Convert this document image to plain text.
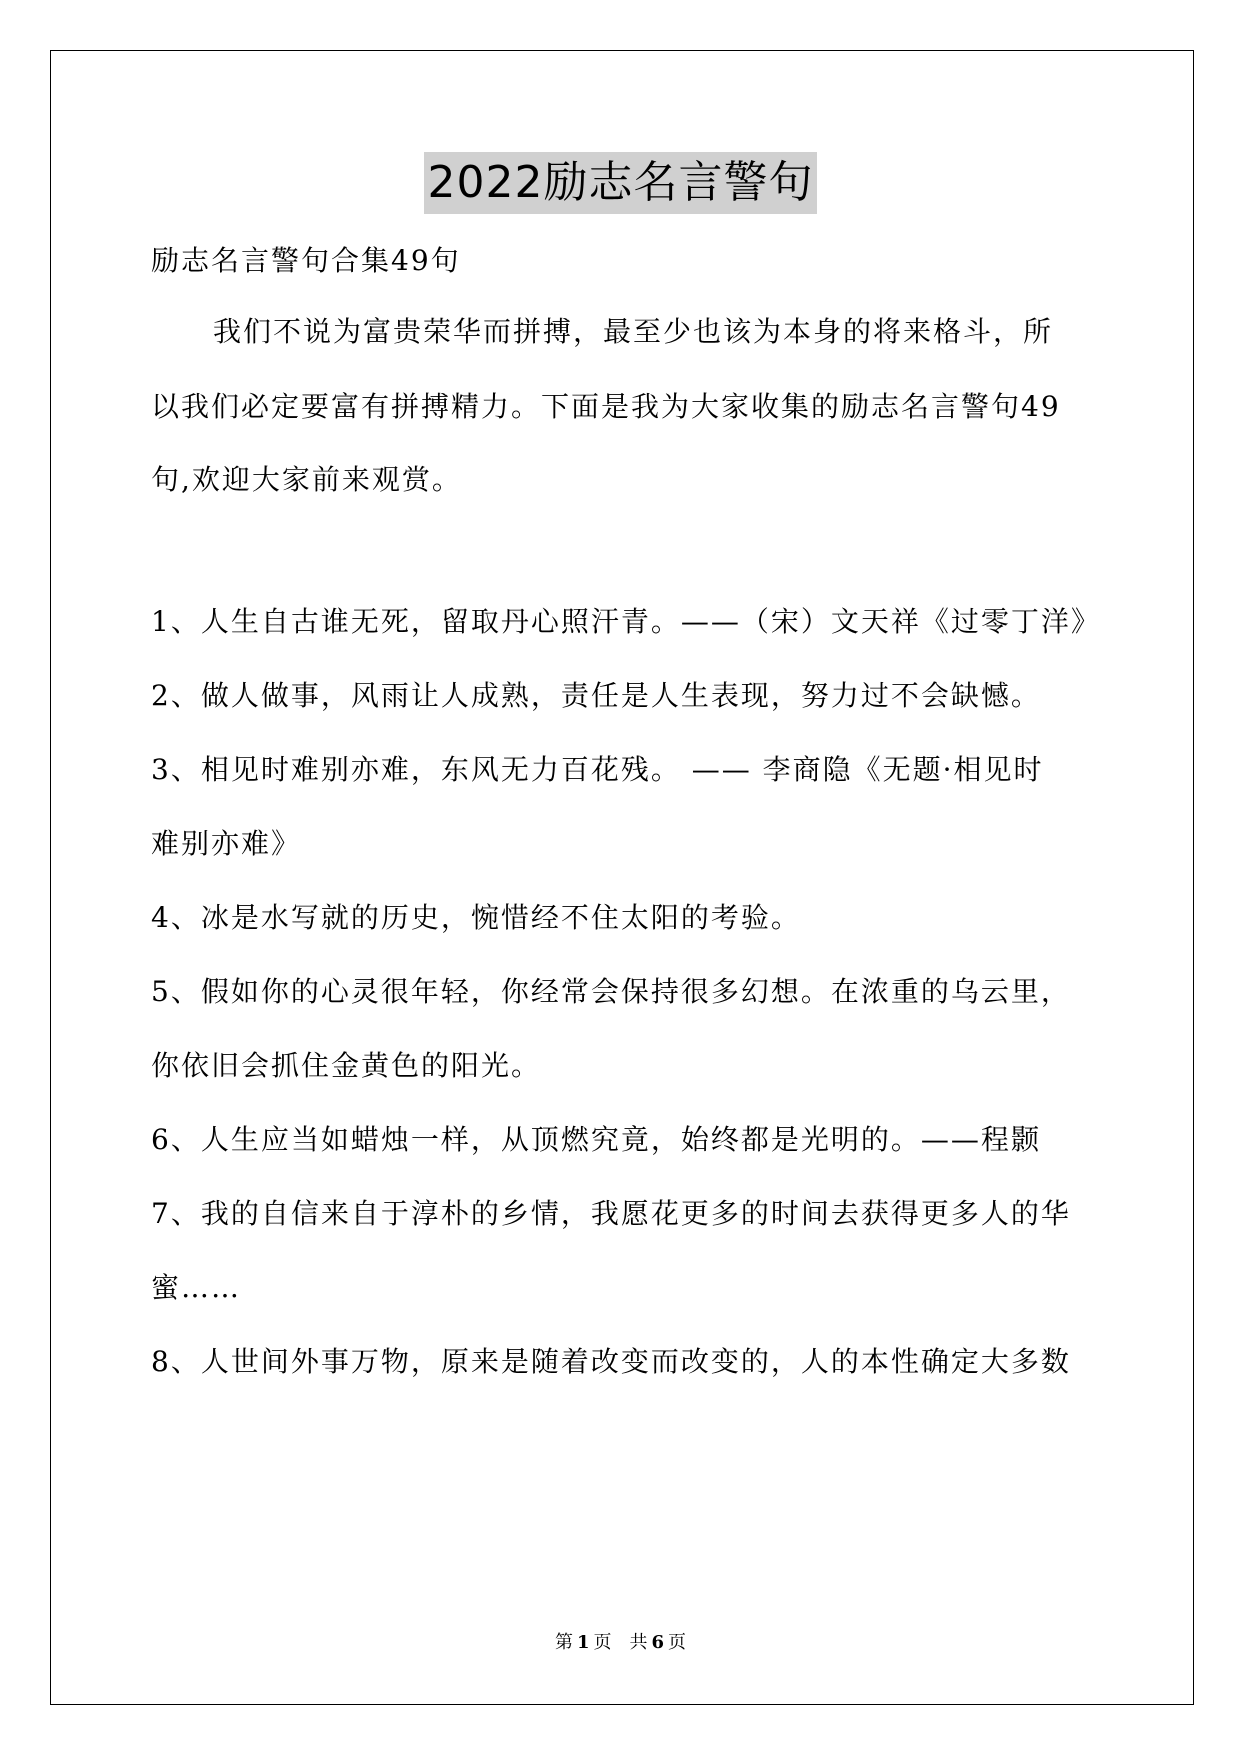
2022励志名言警句
励志名言警句合集49句
我们不说为富贵荣华而拼搏，最至少也该为本身的将来格斗，所
以我们必定要富有拼搏精力。下面是我为大家收集的励志名言警句49
句,欢迎大家前来观赏。
1、人生自古谁无死，留取丹心照汗青。——（宋）文天祥《过零丁洋》
2、做人做事，风雨让人成熟，责任是人生表现，努力过不会缺憾。
3、相见时难别亦难，东风无力百花残。 —— 李商隐《无题·相见时
难别亦难》
4、冰是水写就的历史，惋惜经不住太阳的考验。
5、假如你的心灵很年轻，你经常会保持很多幻想。在浓重的乌云里，
你依旧会抓住金黄色的阳光。
6、人生应当如蜡烛一样，从顶燃究竟，始终都是光明的。——程颢
7、我的自信来自于淳朴的乡情，我愿花更多的时间去获得更多人的华
蜜……
8、人世间外事万物，原来是随着改变而改变的，人的本性确定大多数
第 1 页　共 6 页
